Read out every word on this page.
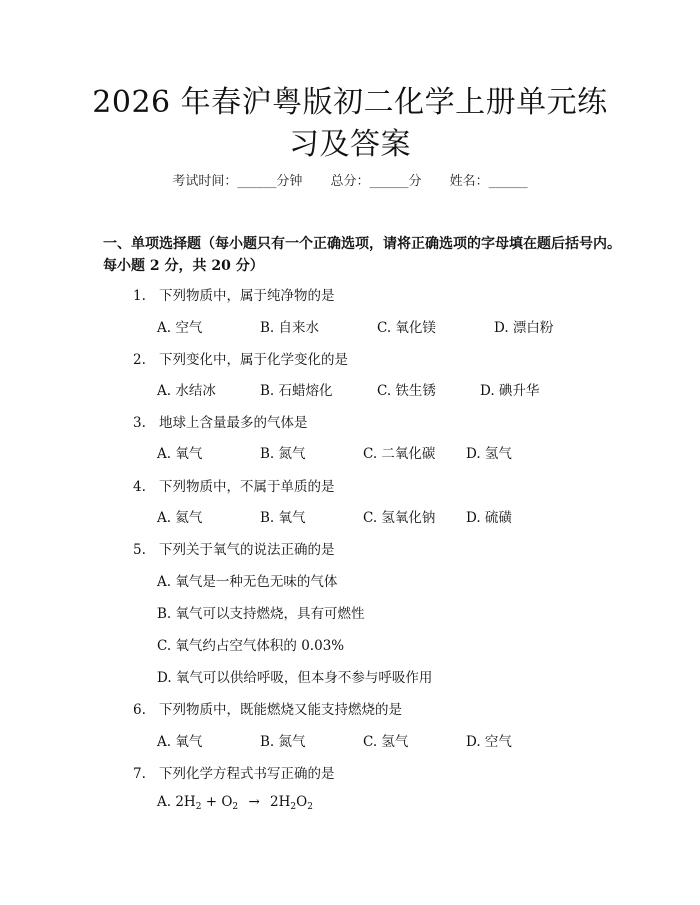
2026 年春沪粤版初二化学上册单元练习及答案
考试时间：______分钟 总分：______分 姓名：______
一、单项选择题（每小题只有一个正确选项，请将正确选项的字母填在题后括号内。每小题 2 分，共 20 分）
1. 下列物质中，属于纯净物的是
A. 空气	B. 自来水	C. 氧化镁	D. 漂白粉
2. 下列变化中，属于化学变化的是
A. 水结冰	B. 石蜡熔化	C. 铁生锈	D. 碘升华
3. 地球上含量最多的气体是
A. 氧气	B. 氮气	C. 二氧化碳 D. 氢气
4. 下列物质中，不属于单质的是
A. 氦气	B. 氧气	C. 氢氧化钠 D. 硫磺
5. 下列关于氧气的说法正确的是
A. 氧气是一种无色无味的气体
B. 氧气可以支持燃烧，具有可燃性
C. 氧气约占空气体积的 0.03%
D. 氧气可以供给呼吸，但本身不参与呼吸作用
6. 下列物质中，既能燃烧又能支持燃烧的是
A. 氧气	B. 氮气	C. 氢气	D. 空气
7. 下列化学方程式书写正确的是
A. $2H_2 + O_2 \to 2H_2O_2$
